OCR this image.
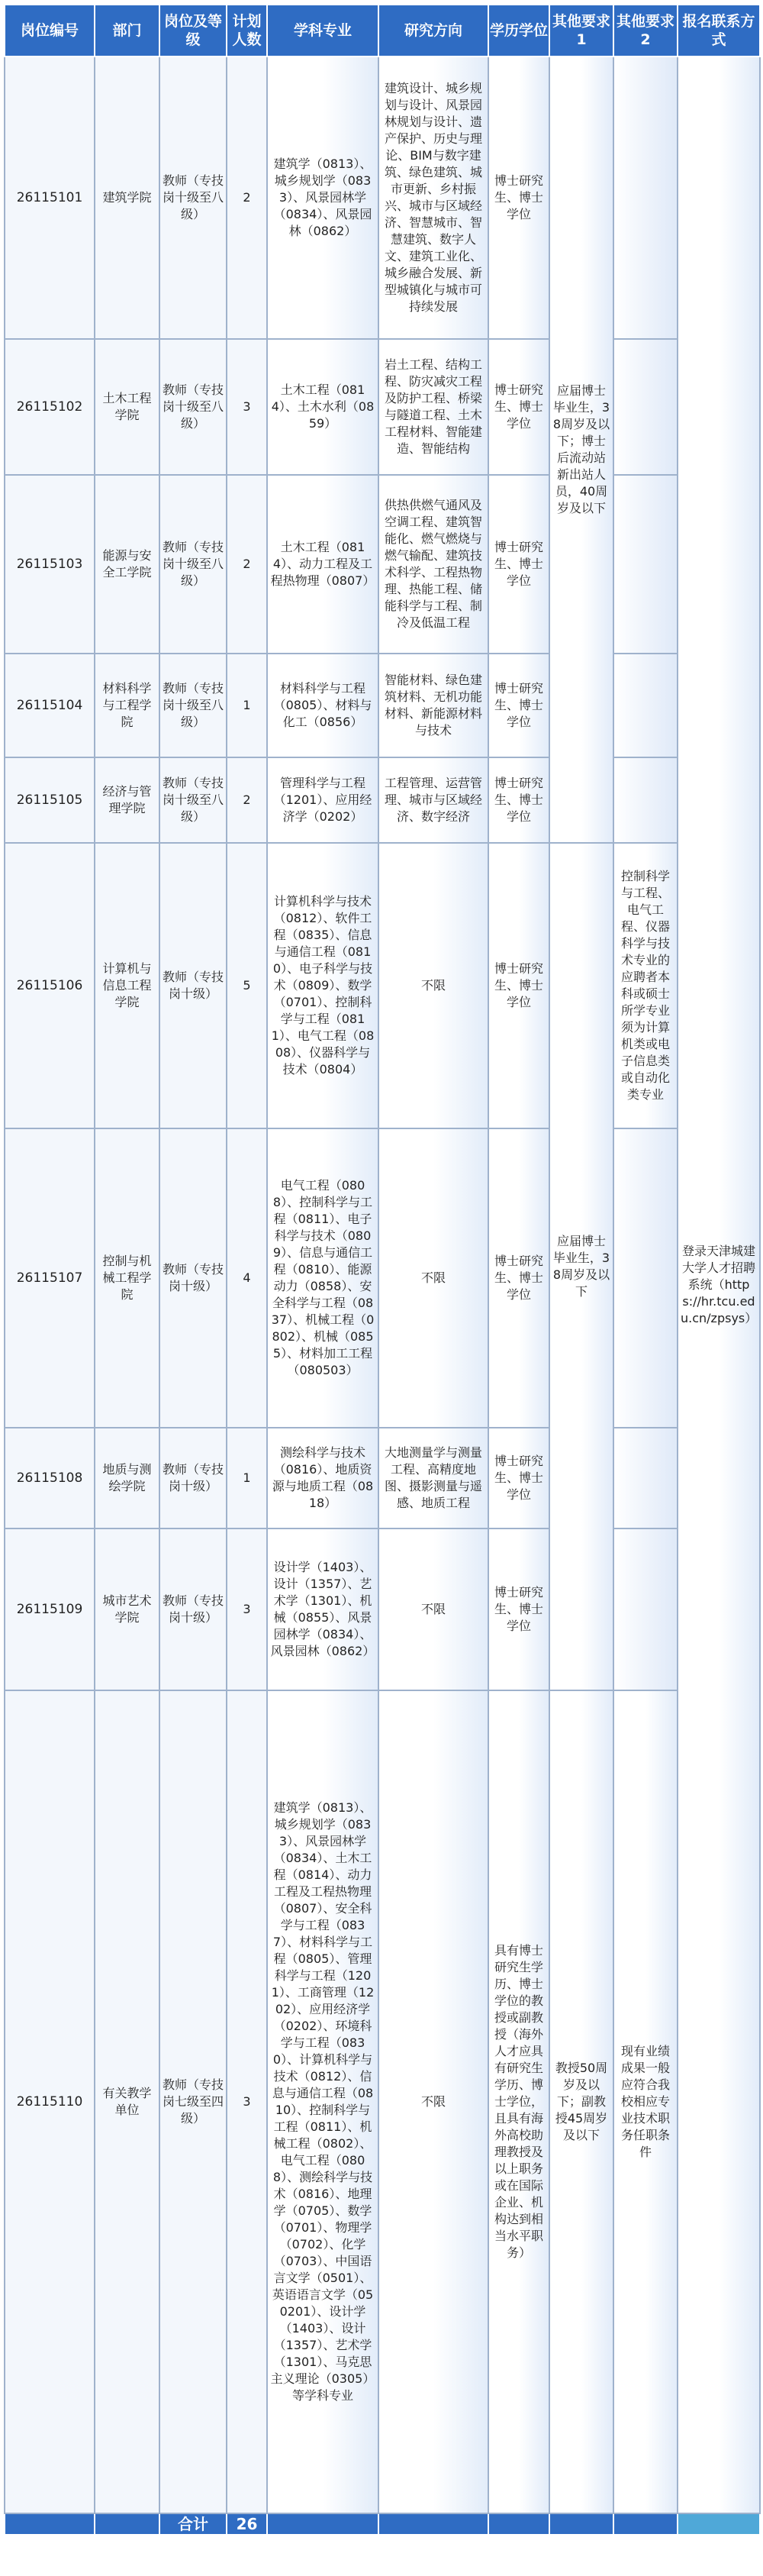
岗位编号	部门	岗位及等级	计划人数	学科专业	研究方向	学历学位	其他要求1	其他要求2	报名联系方式
26115101	建筑学院	教师（专技岗十级至八级）	2	建筑学（0813）、城乡规划学（0833）、风景园林学（0834）、风景园林（0862）	建筑设计、城乡规划与设计、风景园林规划与设计、遗产保护、历史与理论、BIM与数字建筑、绿色建筑、城市更新、乡村振兴、城市与区域经济、智慧城市、智慧建筑、数字人文、建筑工业化、城乡融合发展、新型城镇化与城市可持续发展	博士研究生、博士学位	应届博士毕业生，38周岁及以下；博士后流动站新出站人员，40周岁及以下		登录天津城建大学人才招聘系统（https://hr.tcu.edu.cn/zpsys）
26115102	土木工程学院	教师（专技岗十级至八级）	3	土木工程（0814）、土木水利（0859）	岩土工程、结构工程、防灾减灾工程及防护工程、桥梁与隧道工程、土木工程材料、智能建造、智能结构	博士研究生、博士学位			
26115103	能源与安全工学院	教师（专技岗十级至八级）	2	土木工程（0814）、动力工程及工程热物理（0807）	供热供燃气通风及空调工程、建筑智能化、燃气燃烧与燃气输配、建筑技术科学、工程热物理、热能工程、储能科学与工程、制冷及低温工程	博士研究生、博士学位			
26115104	材料科学与工程学院	教师（专技岗十级至八级）	1	材料科学与工程（0805）、材料与化工（0856）	智能材料、绿色建筑材料、无机功能材料、新能源材料与技术	博士研究生、博士学位			
26115105	经济与管理学院	教师（专技岗十级至八级）	2	管理科学与工程（1201）、应用经济学（0202）	工程管理、运营管理、城市与区域经济、数字经济	博士研究生、博士学位			
26115106	计算机与信息工程学院	教师（专技岗十级）	5	计算机科学与技术（0812）、软件工程（0835）、信息与通信工程（0810）、电子科学与技术（0809）、数学（0701）、控制科学与工程（0811）、电气工程（0808）、仪器科学与技术（0804）	不限	博士研究生、博士学位	应届博士毕业生，38周岁及以下	控制科学与工程、电气工程、仪器科学与技术专业的应聘者本科或硕士所学专业须为计算机类或电子信息类或自动化类专业	
26115107	控制与机械工程学院	教师（专技岗十级）	4	电气工程（0808）、控制科学与工程（0811）、电子科学与技术（0809）、信息与通信工程（0810）、能源动力（0858）、安全科学与工程（0837）、机械工程（0802）、机械（0855）、材料加工工程（080503）	不限	博士研究生、博士学位			
26115108	地质与测绘学院	教师（专技岗十级）	1	测绘科学与技术（0816）、地质资源与地质工程（0818）	大地测量学与测量工程、高精度地图、摄影测量与遥感、地质工程	博士研究生、博士学位			
26115109	城市艺术学院	教师（专技岗十级）	3	设计学（1403）、设计（1357）、艺术学（1301）、机械（0855）、风景园林学（0834）、风景园林（0862）	不限	博士研究生、博士学位			
26115110	有关教学单位	教师（专技岗七级至四级）	3	建筑学（0813）、城乡规划学（0833）、风景园林学（0834）、土木工程（0814）、动力工程及工程热物理（0807）、安全科学与工程（0837）、材料科学与工程（0805）、管理科学与工程（1201）、工商管理（1202）、应用经济学（0202）、环境科学与工程（0830）、计算机科学与技术（0812）、信息与通信工程（0810）、控制科学与工程（0811）、机械工程（0802）、电气工程（0808）、测绘科学与技术（0816）、地理学（0705）、数学（0701）、物理学（0702）、化学（0703）、中国语言文学（0501）、英语语言文学（050201）、设计学（1403）、设计（1357）、艺术学（1301）、马克思主义理论（0305）等学科专业	不限	具有博士研究生学历、博士学位的教授或副教授（海外人才应具有研究生学历、博士学位，且具有海外高校助理教授及以上职务或在国际企业、机构达到相当水平职务）	教授50周岁及以下；副教授45周岁及以下	现有业绩成果一般应符合我校相应专业技术职务任职条件	
		合计	26						
